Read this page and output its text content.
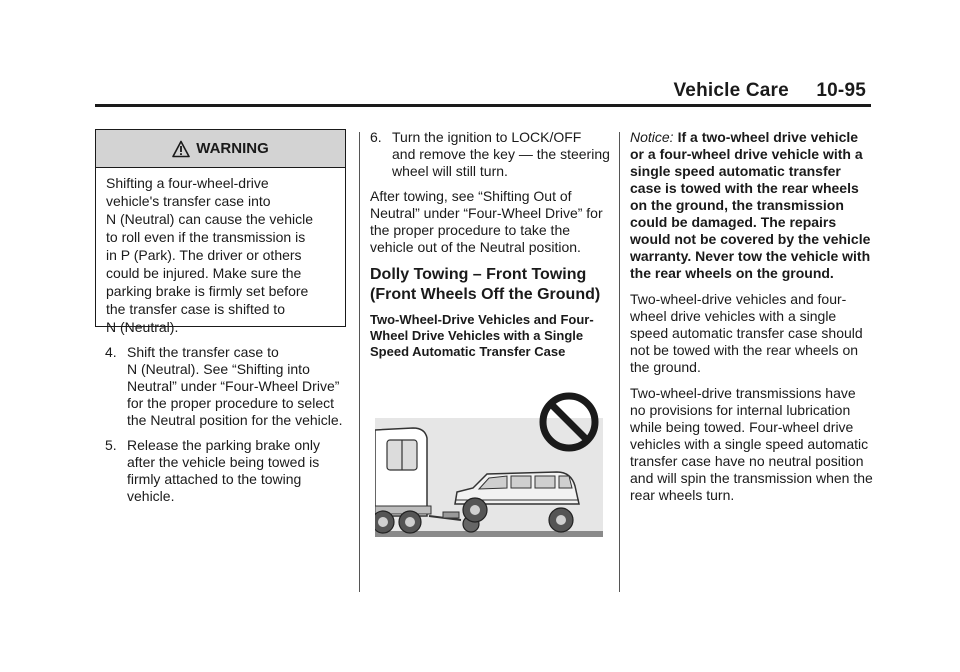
Vehicle Care 10-95
WARNING

Shifting a four-wheel-drive

vehicle's transfer case into

N (Neutral) can cause the vehicle

to roll even if the transmission is

in P (Park). The driver or others

could be injured. Make sure the

parking brake is firmly set before

the transfer case is shifted to

N (Neutral).

4. Shift the transfer case to
N (Neutral). See “Shifting into Neutral” under “Four-Wheel Drive” for the proper procedure to select the Neutral position for the vehicle.
5. Release the parking brake only
after the vehicle being towed is firmly attached to the towing vehicle.
6. Turn the ignition to LOCK/OFF
and remove the key — the steering wheel will still turn.

After towing, see “Shifting Out of Neutral” under “Four-Wheel Drive” for the proper procedure to take the vehicle out of the Neutral position.

Dolly Towing – Front Towing (Front Wheels Off the Ground)

Two-Wheel-Drive Vehicles and Four-Wheel Drive Vehicles with a Single Speed Automatic Transfer Case

Notice: If a two-wheel drive vehicle or a four-wheel drive vehicle with a single speed automatic transfer case is towed with the rear wheels on the ground, the transmission could be damaged. The repairs would not be covered by the vehicle warranty. Never tow the vehicle with the rear wheels on the ground.

Two-wheel-drive vehicles and four-wheel drive vehicles with a single speed automatic transfer case should not be towed with the rear wheels on the ground.

Two-wheel-drive transmissions have no provisions for internal lubrication while being towed. Four-wheel drive vehicles with a single speed automatic transfer case have no neutral position and will spin the transmission when the rear wheels turn.
